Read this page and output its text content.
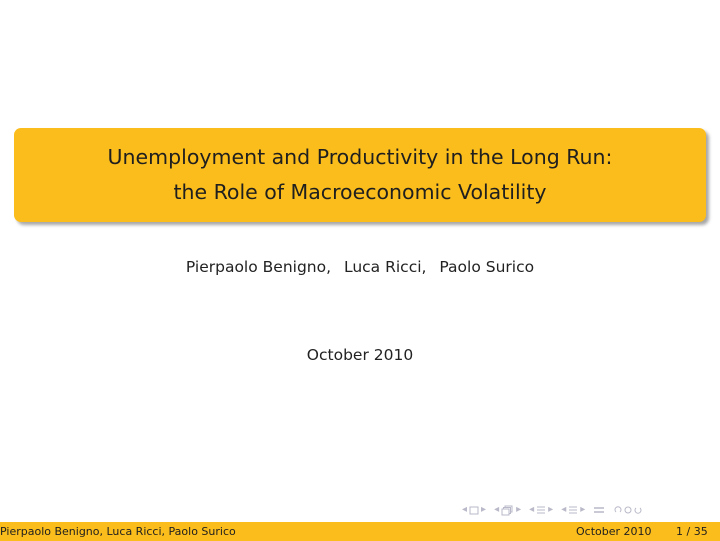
Unemployment and Productivity in the Long Run:
the Role of Macroeconomic Volatility
Pierpaolo Benigno, Luca Ricci, Paolo Surico
October 2010
◂ ▸ ◂ ▸ ◂ ▸ ◂ ▸
Pierpaolo Benigno, Luca Ricci, Paolo Surico	October 2010 1 / 35
